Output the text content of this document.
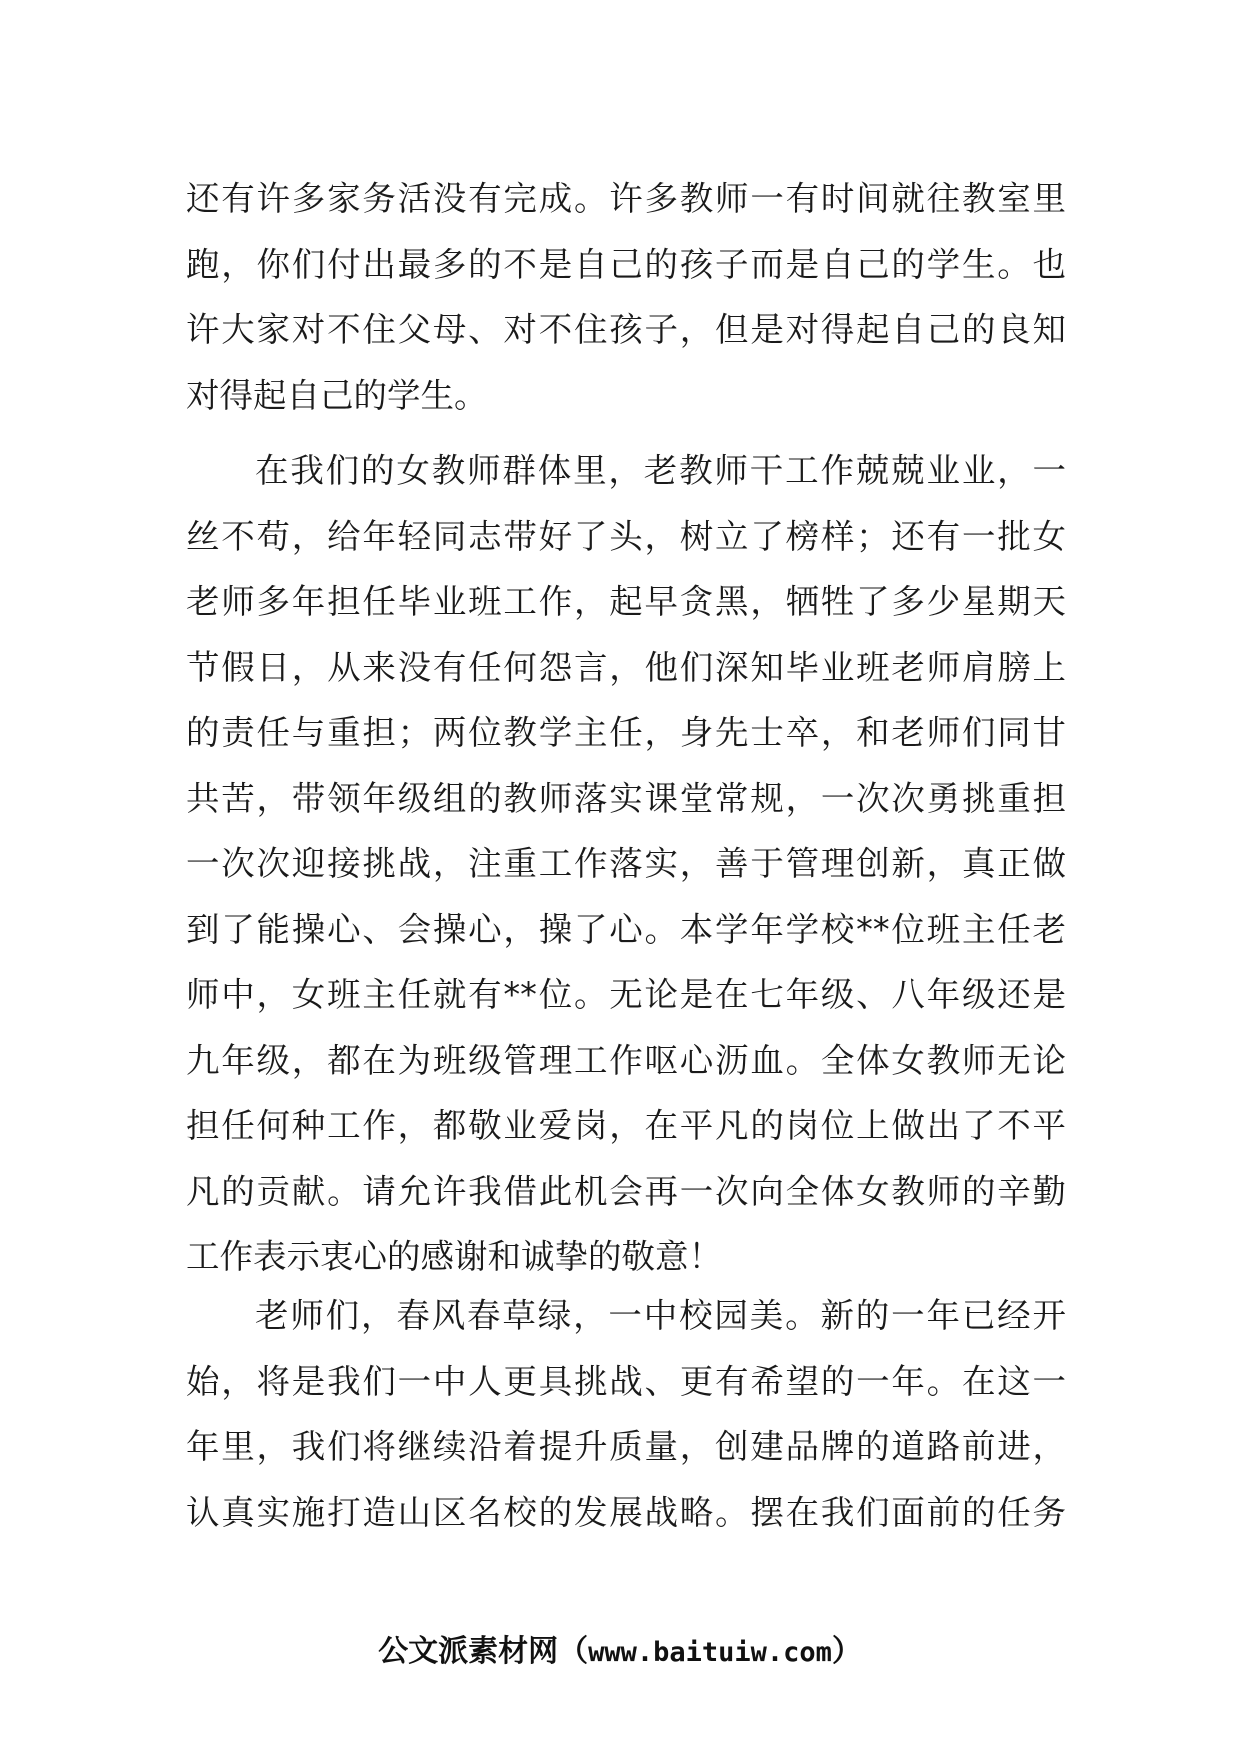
还有许多家务活没有完成。许多教师一有时间就往教室里
跑，你们付出最多的不是自己的孩子而是自己的学生。也
许大家对不住父母、对不住孩子，但是对得起自己的良知
对得起自己的学生。
在我们的女教师群体里，老教师干工作兢兢业业，一
丝不苟，给年轻同志带好了头，树立了榜样；还有一批女
老师多年担任毕业班工作，起早贪黑，牺牲了多少星期天
节假日，从来没有任何怨言，他们深知毕业班老师肩膀上
的责任与重担；两位教学主任，身先士卒，和老师们同甘
共苦，带领年级组的教师落实课堂常规，一次次勇挑重担
一次次迎接挑战，注重工作落实，善于管理创新，真正做
到了能操心、会操心，操了心。本学年学校**位班主任老
师中，女班主任就有**位。无论是在七年级、八年级还是
九年级，都在为班级管理工作呕心沥血。全体女教师无论
担任何种工作，都敬业爱岗，在平凡的岗位上做出了不平
凡的贡献。请允许我借此机会再一次向全体女教师的辛勤
工作表示衷心的感谢和诚挚的敬意！
老师们，春风春草绿，一中校园美。新的一年已经开
始，将是我们一中人更具挑战、更有希望的一年。在这一
年里，我们将继续沿着提升质量，创建品牌的道路前进，
认真实施打造山区名校的发展战略。摆在我们面前的任务
公文派素材网（www.baituiw.com）
